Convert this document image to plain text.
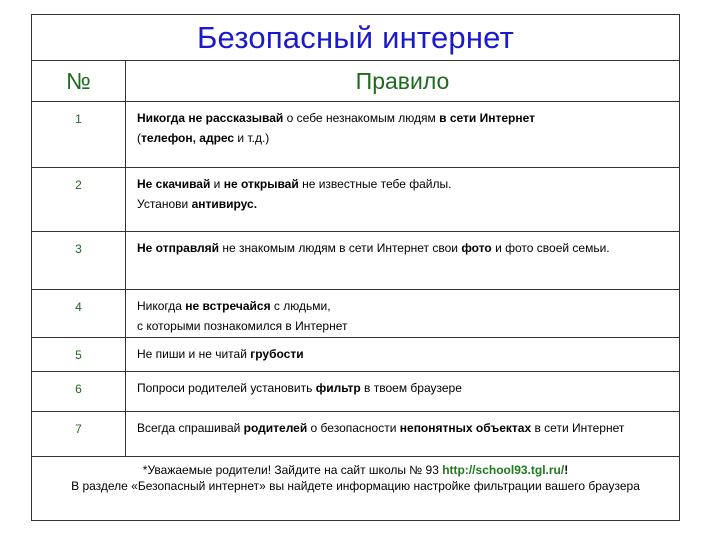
Безопасный интернет	
№	Правило
1	Никогда не рассказывай о себе незнакомым людям в сети Интернет
(телефон, адрес и т.д.)

2	Не скачивай и не открывай не известные тебе файлы.
Установи антивирус.

3	Не отправляй не знакомым людям в сети Интернет свои фото и фото своей семьи.
4	Никогда не встречайся с людьми,
с которыми познакомился в Интернет

5	Не пиши и не читай грубости
6	Попроси родителей установить фильтр в твоем браузере
7	Всегда спрашивай родителей о безопасности непонятных объектах в сети Интернет
*Уважаемые родители! Зайдите на сайт школы № 93 http://school93.tgl.ru/!
В разделе «Безопасный интернет» вы найдете информацию настройке фильтрации вашего браузера	
